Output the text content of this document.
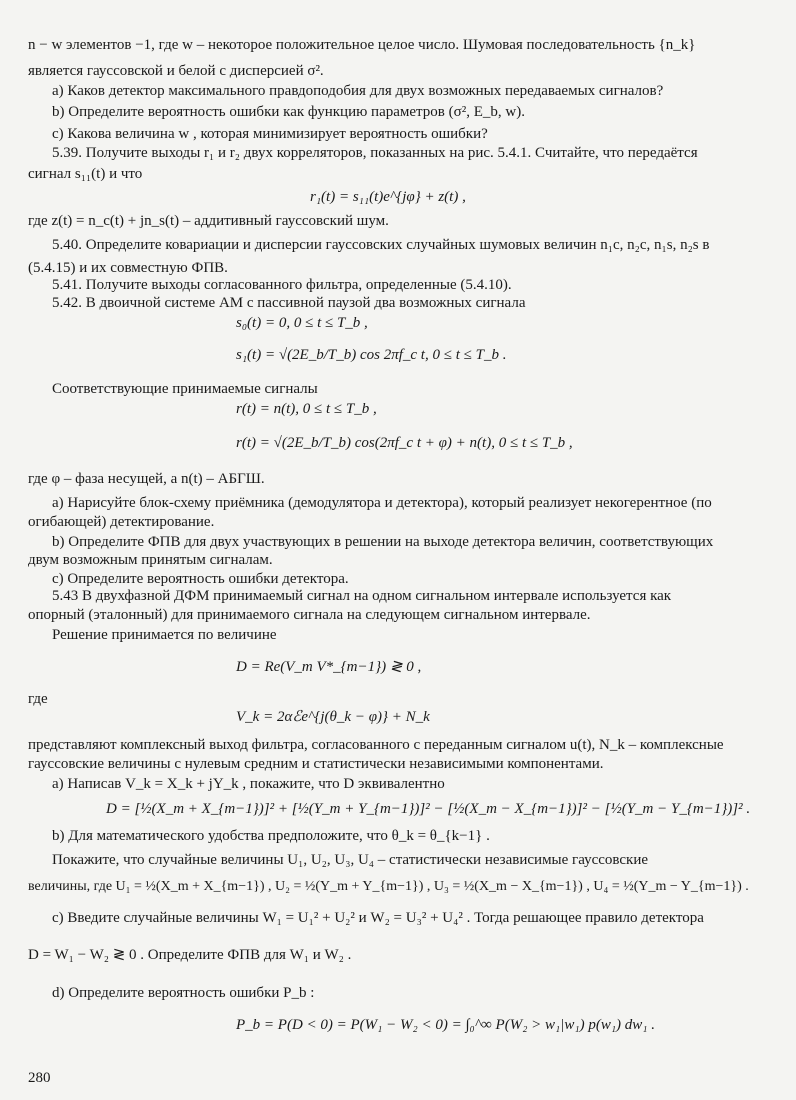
n − w элементов −1, где w – некоторое положительное целое число. Шумовая последовательность {n_k}
является гауссовской и белой с дисперсией σ².
a) Каков детектор максимального правдоподобия для двух возможных передаваемых сигналов?
b) Определите вероятность ошибки как функцию параметров (σ², E_b, w).
c) Какова величина w , которая минимизирует вероятность ошибки?
5.39. Получите выходы r₁ и r₂ двух корреляторов, показанных на рис. 5.4.1. Считайте, что передаётся
сигнал s₁₁(t) и что
r₁(t) = s₁₁(t)e^{jφ} + z(t) ,
где z(t) = n_c(t) + jn_s(t) – аддитивный гауссовский шум.
5.40. Определите ковариации и дисперсии гауссовских случайных шумовых величин n₁c, n₂c, n₁s, n₂s в
(5.4.15) и их совместную ФПВ.
5.41. Получите выходы согласованного фильтра, определенные (5.4.10).
5.42. В двоичной системе АМ с пассивной паузой два возможных сигнала
s₀(t) = 0, 0 ≤ t ≤ T_b ,
s₁(t) = √(2E_b/T_b) cos 2πf_c t, 0 ≤ t ≤ T_b .
Соответствующие принимаемые сигналы
r(t) = n(t), 0 ≤ t ≤ T_b ,
r(t) = √(2E_b/T_b) cos(2πf_c t + φ) + n(t), 0 ≤ t ≤ T_b ,
где φ – фаза несущей, а n(t) – АБГШ.
a) Нарисуйте блок-схему приёмника (демодулятора и детектора), который реализует некогерентное (по
огибающей) детектирование.
b) Определите ФПВ для двух участвующих в решении на выходе детектора величин, соответствующих
двум возможным принятым сигналам.
c) Определите вероятность ошибки детектора.
5.43 В двухфазной ДФМ принимаемый сигнал на одном сигнальном интервале используется как
опорный (эталонный) для принимаемого сигнала на следующем сигнальном интервале.
Решение принимается по величине
D = Re(V_m V*_{m−1}) ≷ 0 ,
где
V_k = 2αℰe^{j(θ_k − φ)} + N_k
представляют комплексный выход фильтра, согласованного с переданным сигналом u(t), N_k – комплексные
гауссовские величины с нулевым средним и статистически независимыми компонентами.
a) Написав V_k = X_k + jY_k , покажите, что D эквивалентно
D = [½(X_m + X_{m−1})]² + [½(Y_m + Y_{m−1})]² − [½(X_m − X_{m−1})]² − [½(Y_m − Y_{m−1})]² .
b) Для математического удобства предположите, что θ_k = θ_{k−1} .
Покажите, что случайные величины U₁, U₂, U₃, U₄ – статистически независимые гауссовские
величины, где U₁ = ½(X_m + X_{m−1}) , U₂ = ½(Y_m + Y_{m−1}) , U₃ = ½(X_m − X_{m−1}) , U₄ = ½(Y_m − Y_{m−1}) .
c) Введите случайные величины W₁ = U₁² + U₂² и W₂ = U₃² + U₄² . Тогда решающее правило детектора
D = W₁ − W₂ ≷ 0 . Определите ФПВ для W₁ и W₂ .
d) Определите вероятность ошибки P_b :
P_b = P(D < 0) = P(W₁ − W₂ < 0) = ∫₀^∞ P(W₂ > w₁|w₁) p(w₁) dw₁ .
280
